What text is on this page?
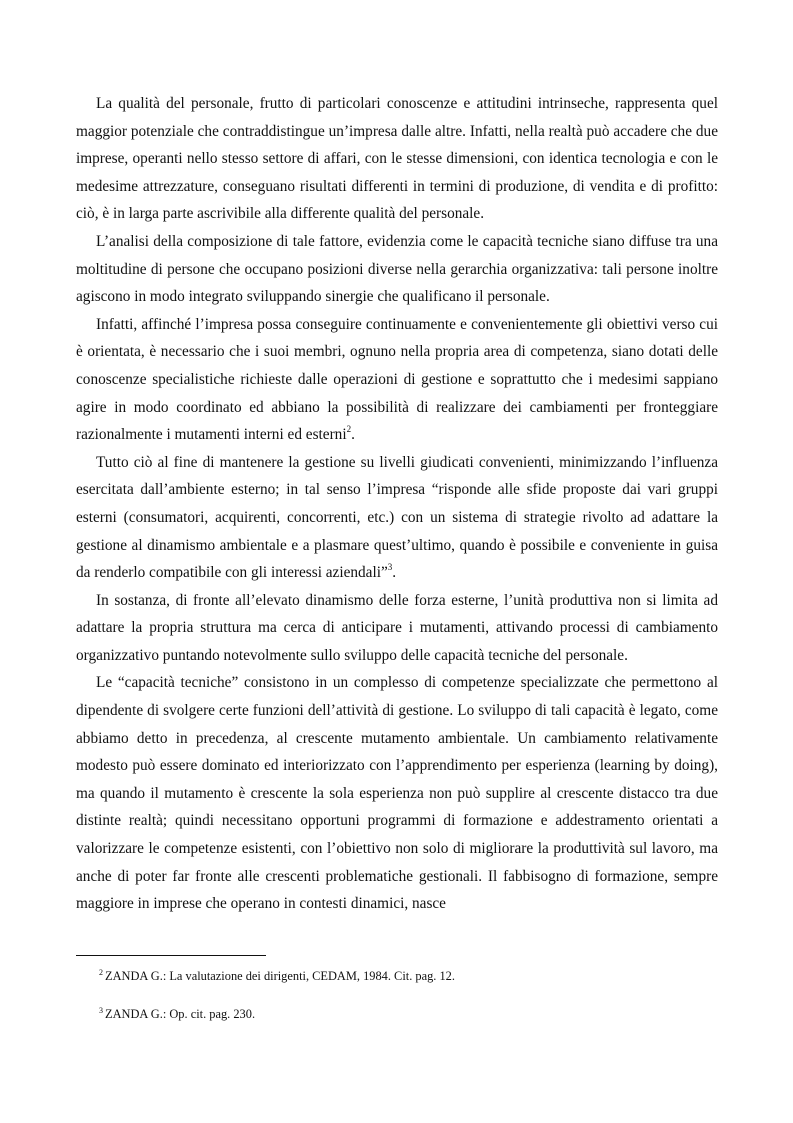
La qualità del personale, frutto di particolari conoscenze e attitudini intrinseche, rappresenta quel maggior potenziale che contraddistingue un’impresa dalle altre. Infatti, nella realtà può accadere che due imprese, operanti nello stesso settore di affari, con le stesse dimensioni, con identica tecnologia e con le medesime attrezzature, conseguano risultati differenti in termini di produzione, di vendita e di profitto: ciò, è in larga parte ascrivibile alla differente qualità del personale.

L’analisi della composizione di tale fattore, evidenzia come le capacità tecniche siano diffuse tra una moltitudine di persone che occupano posizioni diverse nella gerarchia organizzativa: tali persone inoltre agiscono in modo integrato sviluppando sinergie che qualificano il personale.

Infatti, affinché l’impresa possa conseguire continuamente e convenientemente gli obiettivi verso cui è orientata, è necessario che i suoi membri, ognuno nella propria area di competenza, siano dotati delle conoscenze specialistiche richieste dalle operazioni di gestione e soprattutto che i medesimi sappiano agire in modo coordinato ed abbiano la possibilità di realizzare dei cambiamenti per fronteggiare razionalmente i mutamenti interni ed esterni$^2$.

Tutto ciò al fine di mantenere la gestione su livelli giudicati convenienti, minimizzando l’influenza esercitata dall’ambiente esterno; in tal senso l’impresa “risponde alle sfide proposte dai vari gruppi esterni (consumatori, acquirenti, concorrenti, etc.) con un sistema di strategie rivolto ad adattare la gestione al dinamismo ambientale e a plasmare quest’ultimo, quando è possibile e conveniente in guisa da renderlo compatibile con gli interessi aziendali”$^3$.

In sostanza, di fronte all’elevato dinamismo delle forza esterne, l’unità produttiva non si limita ad adattare la propria struttura ma cerca di anticipare i mutamenti, attivando processi di cambiamento organizzativo puntando notevolmente sullo sviluppo delle capacità tecniche del personale.

Le “capacità tecniche” consistono in un complesso di competenze specializzate che permettono al dipendente di svolgere certe funzioni dell’attività di gestione. Lo sviluppo di tali capacità è legato, come abbiamo detto in precedenza, al crescente mutamento ambientale. Un cambiamento relativamente modesto può essere dominato ed interiorizzato con l’apprendimento per esperienza (learning by doing), ma quando il mutamento è crescente la sola esperienza non può supplire al crescente distacco tra due distinte realtà; quindi necessitano opportuni programmi di formazione e addestramento orientati a valorizzare le competenze esistenti, con l’obiettivo non solo di migliorare la produttività sul lavoro, ma anche di poter far fronte alle crescenti problematiche gestionali. Il fabbisogno di formazione, sempre maggiore in imprese che operano in contesti dinamici, nasce

$^2$ ZANDA G.: La valutazione dei dirigenti, CEDAM, 1984. Cit. pag. 12.
$^3$ ZANDA G.: Op. cit. pag. 230.
